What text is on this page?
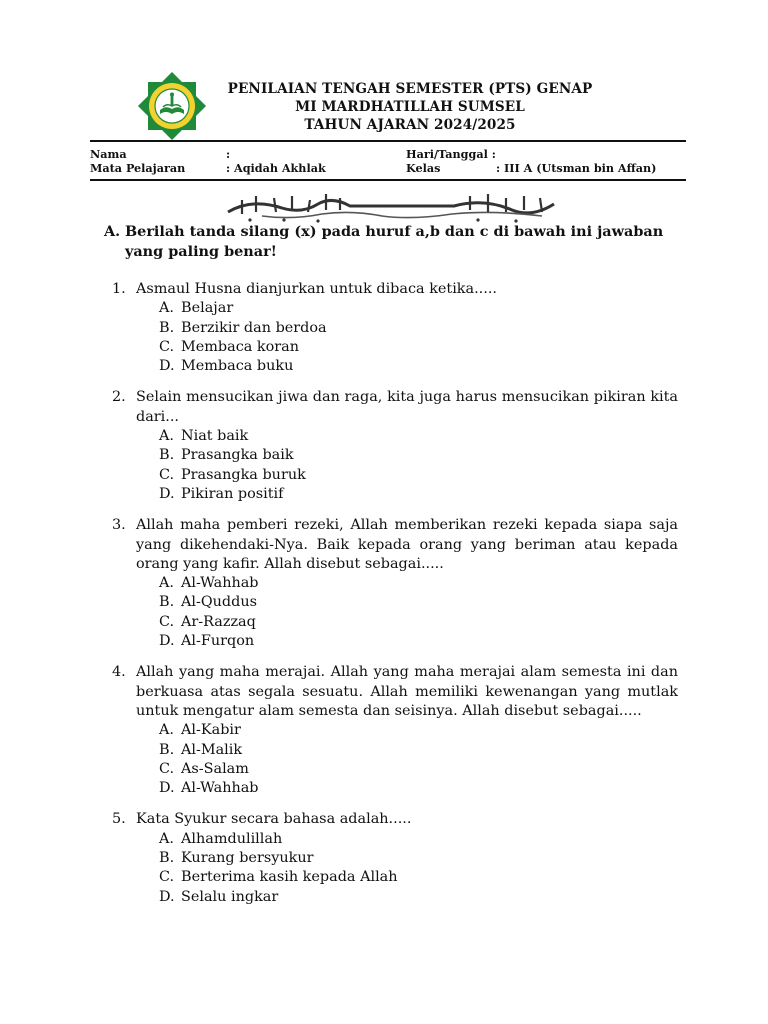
PENILAIAN TENGAH SEMESTER (PTS) GENAP
MI MARDHATILLAH SUMSEL
TAHUN AJARAN 2024/2025
Nama	:	Hari/Tanggal :
Mata Pelajaran	: Aqidah Akhlak	Kelas	: III A (Utsman bin Affan)
A. Berilah tanda silang (x) pada huruf a,b dan c di bawah ini jawaban yang paling benar!
1. Asmaul Husna dianjurkan untuk dibaca ketika.....
A. Belajar
B. Berzikir dan berdoa
C. Membaca koran
D. Membaca buku
2. Selain mensucikan jiwa dan raga, kita juga harus mensucikan pikiran kita dari...
A. Niat baik
B. Prasangka baik
C. Prasangka buruk
D. Pikiran positif
3. Allah maha pemberi rezeki, Allah memberikan rezeki kepada siapa saja yang dikehendaki-Nya. Baik kepada orang yang beriman atau kepada orang yang kafir. Allah disebut sebagai.....
A. Al-Wahhab
B. Al-Quddus
C. Ar-Razzaq
D. Al-Furqon
4. Allah yang maha merajai. Allah yang maha merajai alam semesta ini dan berkuasa atas segala sesuatu. Allah memiliki kewenangan yang mutlak untuk mengatur alam semesta dan seisinya. Allah disebut sebagai.....
A. Al-Kabir
B. Al-Malik
C. As-Salam
D. Al-Wahhab
5. Kata Syukur secara bahasa adalah.....
A. Alhamdulillah
B. Kurang bersyukur
C. Berterima kasih kepada Allah
D. Selalu ingkar
